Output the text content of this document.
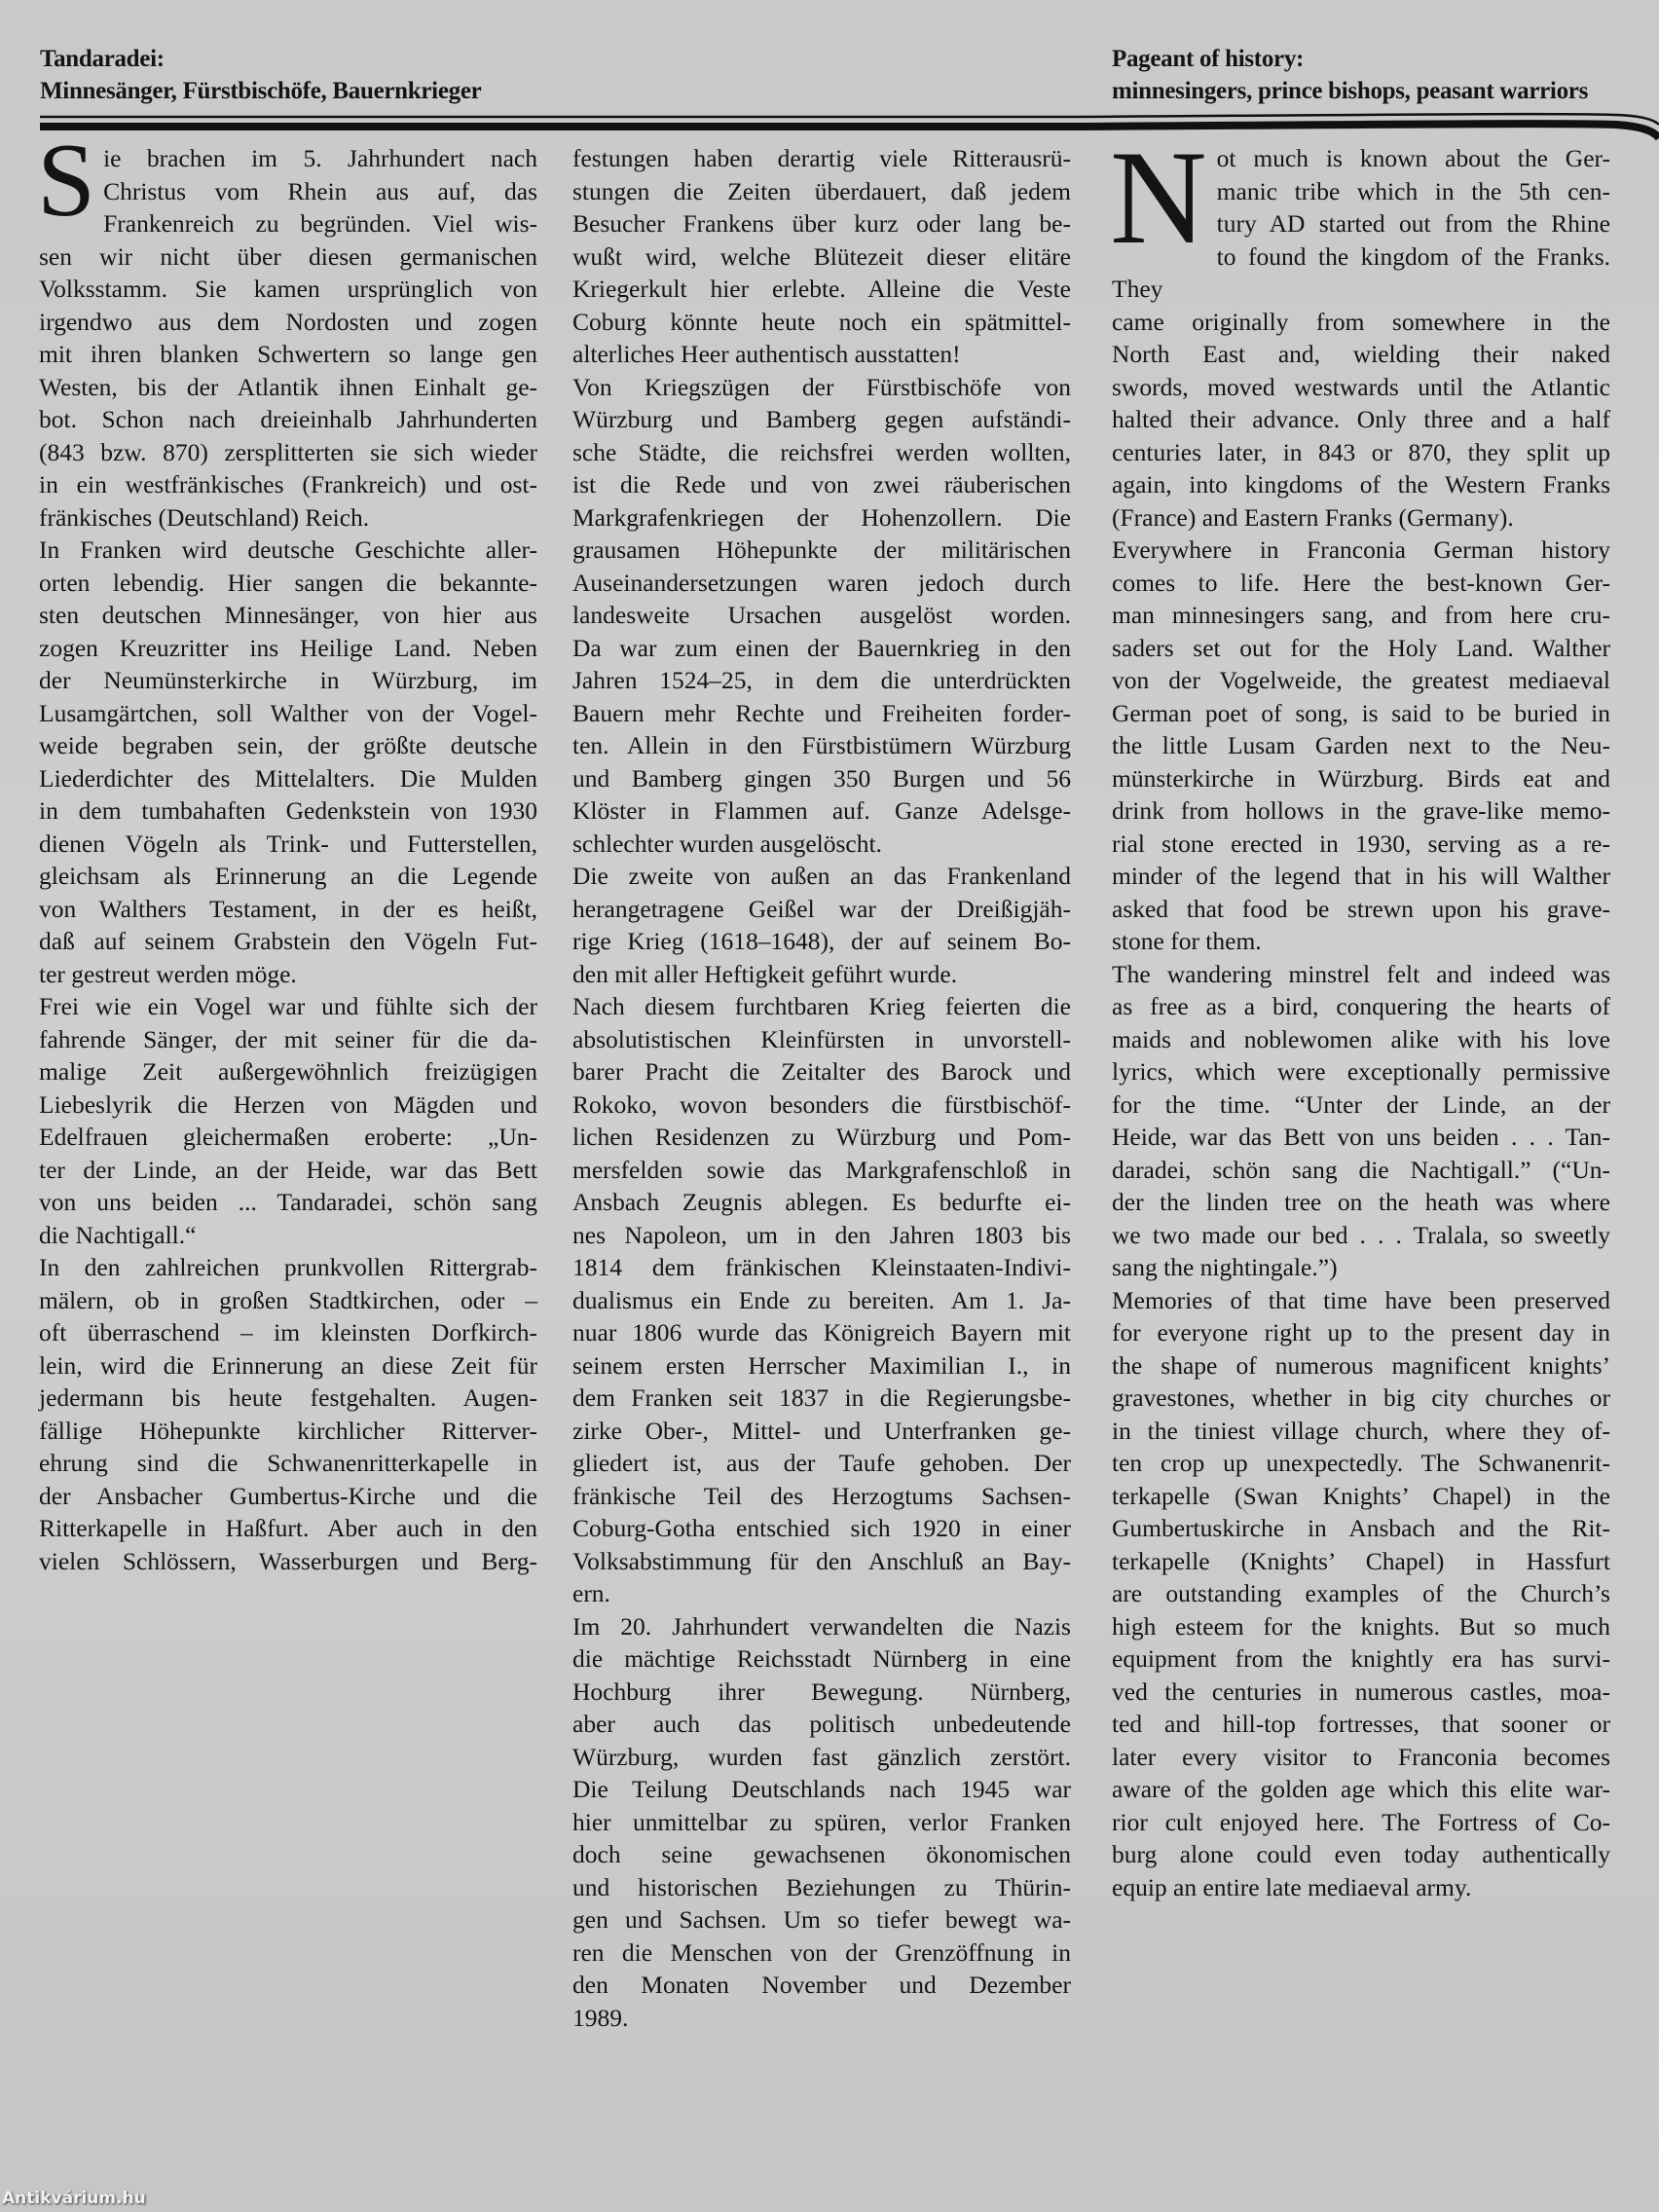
Tandaradei:
Minnesänger, Fürstbischöfe, Bauernkrieger
Pageant of history:
minnesingers, prince bishops, peasant warriors
S ie brachen im 5. Jahrhundert nach
Christus vom Rhein aus auf, das
Frankenreich zu begründen. Viel wis-
sen wir nicht über diesen germanischen
Volksstamm. Sie kamen ursprünglich von
irgendwo aus dem Nordosten und zogen
mit ihren blanken Schwertern so lange gen
Westen, bis der Atlantik ihnen Einhalt ge-
bot. Schon nach dreieinhalb Jahrhunderten
(843 bzw. 870) zersplitterten sie sich wieder
in ein westfränkisches (Frankreich) und ost-
fränkisches (Deutschland) Reich.
In Franken wird deutsche Geschichte aller-
orten lebendig. Hier sangen die bekannte-
sten deutschen Minnesänger, von hier aus
zogen Kreuzritter ins Heilige Land. Neben
der Neumünsterkirche in Würzburg, im
Lusamgärtchen, soll Walther von der Vogel-
weide begraben sein, der größte deutsche
Liederdichter des Mittelalters. Die Mulden
in dem tumbahaften Gedenkstein von 1930
dienen Vögeln als Trink- und Futterstellen,
gleichsam als Erinnerung an die Legende
von Walthers Testament, in der es heißt,
daß auf seinem Grabstein den Vögeln Fut-
ter gestreut werden möge.
Frei wie ein Vogel war und fühlte sich der
fahrende Sänger, der mit seiner für die da-
malige Zeit außergewöhnlich freizügigen
Liebeslyrik die Herzen von Mägden und
Edelfrauen gleichermaßen eroberte: „Un-
ter der Linde, an der Heide, war das Bett
von uns beiden ... Tandaradei, schön sang
die Nachtigall.“
In den zahlreichen prunkvollen Rittergrab-
mälern, ob in großen Stadtkirchen, oder –
oft überraschend – im kleinsten Dorfkirch-
lein, wird die Erinnerung an diese Zeit für
jedermann bis heute festgehalten. Augen-
fällige Höhepunkte kirchlicher Ritterver-
ehrung sind die Schwanenritterkapelle in
der Ansbacher Gumbertus-Kirche und die
Ritterkapelle in Haßfurt. Aber auch in den
vielen Schlössern, Wasserburgen und Berg-
festungen haben derartig viele Ritterausrü-
stungen die Zeiten überdauert, daß jedem
Besucher Frankens über kurz oder lang be-
wußt wird, welche Blütezeit dieser elitäre
Kriegerkult hier erlebte. Alleine die Veste
Coburg könnte heute noch ein spätmittel-
alterliches Heer authentisch ausstatten!
Von Kriegszügen der Fürstbischöfe von
Würzburg und Bamberg gegen aufständi-
sche Städte, die reichsfrei werden wollten,
ist die Rede und von zwei räuberischen
Markgrafenkriegen der Hohenzollern. Die
grausamen Höhepunkte der militärischen
Auseinandersetzungen waren jedoch durch
landesweite Ursachen ausgelöst worden.
Da war zum einen der Bauernkrieg in den
Jahren 1524–25, in dem die unterdrückten
Bauern mehr Rechte und Freiheiten forder-
ten. Allein in den Fürstbistümern Würzburg
und Bamberg gingen 350 Burgen und 56
Klöster in Flammen auf. Ganze Adelsge-
schlechter wurden ausgelöscht.
Die zweite von außen an das Frankenland
herangetragene Geißel war der Dreißigjäh-
rige Krieg (1618–1648), der auf seinem Bo-
den mit aller Heftigkeit geführt wurde.
Nach diesem furchtbaren Krieg feierten die
absolutistischen Kleinfürsten in unvorstell-
barer Pracht die Zeitalter des Barock und
Rokoko, wovon besonders die fürstbischöf-
lichen Residenzen zu Würzburg und Pom-
mersfelden sowie das Markgrafenschloß in
Ansbach Zeugnis ablegen. Es bedurfte ei-
nes Napoleon, um in den Jahren 1803 bis
1814 dem fränkischen Kleinstaaten-Indivi-
dualismus ein Ende zu bereiten. Am 1. Ja-
nuar 1806 wurde das Königreich Bayern mit
seinem ersten Herrscher Maximilian I., in
dem Franken seit 1837 in die Regierungsbe-
zirke Ober-, Mittel- und Unterfranken ge-
gliedert ist, aus der Taufe gehoben. Der
fränkische Teil des Herzogtums Sachsen-
Coburg-Gotha entschied sich 1920 in einer
Volksabstimmung für den Anschluß an Bay-
ern.
Im 20. Jahrhundert verwandelten die Nazis
die mächtige Reichsstadt Nürnberg in eine
Hochburg ihrer Bewegung. Nürnberg,
aber auch das politisch unbedeutende
Würzburg, wurden fast gänzlich zerstört.
Die Teilung Deutschlands nach 1945 war
hier unmittelbar zu spüren, verlor Franken
doch seine gewachsenen ökonomischen
und historischen Beziehungen zu Thürin-
gen und Sachsen. Um so tiefer bewegt wa-
ren die Menschen von der Grenzöffnung in
den Monaten November und Dezember
1989.
N ot much is known about the Ger-
manic tribe which in the 5th cen-
tury AD started out from the Rhine
to found the kingdom of the Franks. They
came originally from somewhere in the
North East and, wielding their naked
swords, moved westwards until the Atlantic
halted their advance. Only three and a half
centuries later, in 843 or 870, they split up
again, into kingdoms of the Western Franks
(France) and Eastern Franks (Germany).
Everywhere in Franconia German history
comes to life. Here the best-known Ger-
man minnesingers sang, and from here cru-
saders set out for the Holy Land. Walther
von der Vogelweide, the greatest mediaeval
German poet of song, is said to be buried in
the little Lusam Garden next to the Neu-
münsterkirche in Würzburg. Birds eat and
drink from hollows in the grave-like memo-
rial stone erected in 1930, serving as a re-
minder of the legend that in his will Walther
asked that food be strewn upon his grave-
stone for them.
The wandering minstrel felt and indeed was
as free as a bird, conquering the hearts of
maids and noblewomen alike with his love
lyrics, which were exceptionally permissive
for the time. “Unter der Linde, an der
Heide, war das Bett von uns beiden . . . Tan-
daradei, schön sang die Nachtigall.” (“Un-
der the linden tree on the heath was where
we two made our bed . . . Tralala, so sweetly
sang the nightingale.”)
Memories of that time have been preserved
for everyone right up to the present day in
the shape of numerous magnificent knights’
gravestones, whether in big city churches or
in the tiniest village church, where they of-
ten crop up unexpectedly. The Schwanenrit-
terkapelle (Swan Knights’ Chapel) in the
Gumbertuskirche in Ansbach and the Rit-
terkapelle (Knights’ Chapel) in Hassfurt
are outstanding examples of the Church’s
high esteem for the knights. But so much
equipment from the knightly era has survi-
ved the centuries in numerous castles, moa-
ted and hill-top fortresses, that sooner or
later every visitor to Franconia becomes
aware of the golden age which this elite war-
rior cult enjoyed here. The Fortress of Co-
burg alone could even today authentically
equip an entire late mediaeval army.
Antikvárium.hu
